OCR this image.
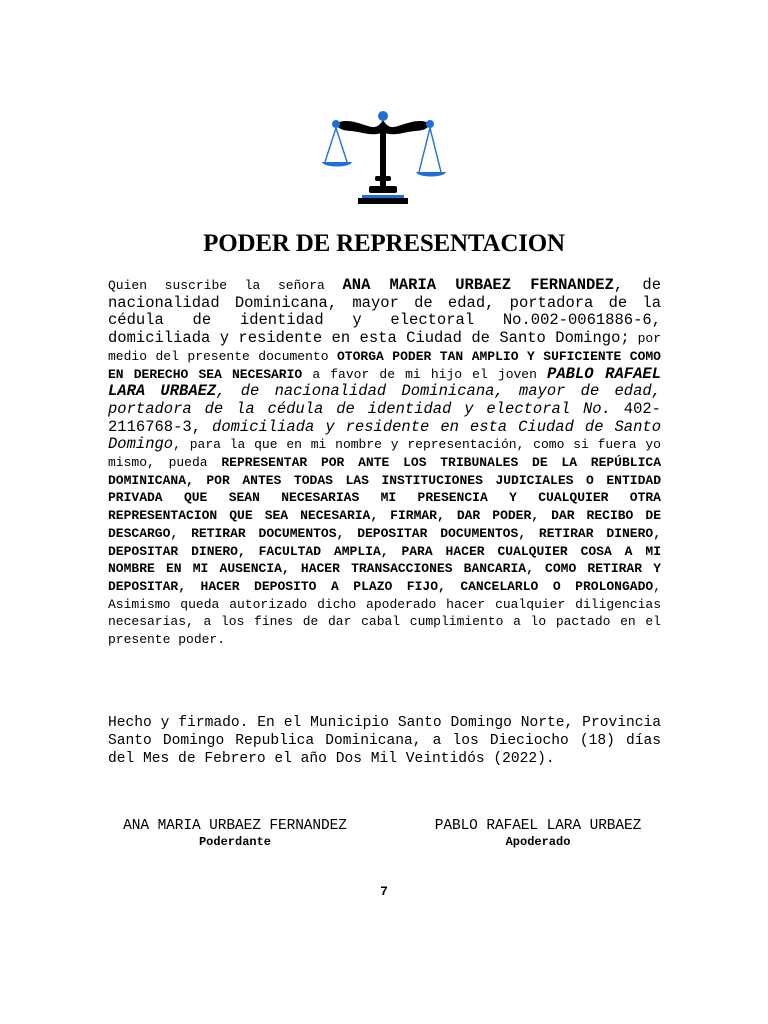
PODER DE REPRESENTACION

Quien suscribe la señora ANA MARIA URBAEZ FERNANDEZ, de nacionalidad Dominicana, mayor de edad, portadora de la cédula de identidad y electoral No.002-0061886-6, domiciliada y residente en esta Ciudad de Santo Domingo; por medio del presente documento OTORGA PODER TAN AMPLIO Y SUFICIENTE COMO EN DERECHO SEA NECESARIO a favor de mi hijo el joven PABLO RAFAEL LARA URBAEZ, de nacionalidad Dominicana, mayor de edad, portadora de la cédula de identidad y electoral No. 402-2116768-3, domiciliada y residente en esta Ciudad de Santo Domingo, para la que en mi nombre y representación, como si fuera yo mismo, pueda REPRESENTAR POR ANTE LOS TRIBUNALES DE LA REPÚBLICA DOMINICANA, POR ANTES TODAS LAS INSTITUCIONES JUDICIALES O ENTIDAD PRIVADA QUE SEAN NECESARIAS MI PRESENCIA Y CUALQUIER OTRA REPRESENTACION QUE SEA NECESARIA, FIRMAR, DAR PODER, DAR RECIBO DE DESCARGO, RETIRAR DOCUMENTOS, DEPOSITAR DOCUMENTOS, RETIRAR DINERO, DEPOSITAR DINERO, FACULTAD AMPLIA, PARA HACER CUALQUIER COSA A MI NOMBRE EN MI AUSENCIA, HACER TRANSACCIONES BANCARIA, COMO RETIRAR Y DEPOSITAR, HACER DEPOSITO A PLAZO FIJO, CANCELARLO O PROLONGADO, Asimismo queda autorizado dicho apoderado hacer cualquier diligencias necesarias, a los fines de dar cabal cumplimiento a lo pactado en el presente poder.

Hecho y firmado. En el Municipio Santo Domingo Norte, Provincia Santo Domingo Republica Dominicana, a los Dieciocho (18) días del Mes de Febrero el año Dos Mil Veintidós (2022).

ANA MARIA URBAEZ FERNANDEZ
Poderdante
PABLO RAFAEL LARA URBAEZ
Apoderado
7
